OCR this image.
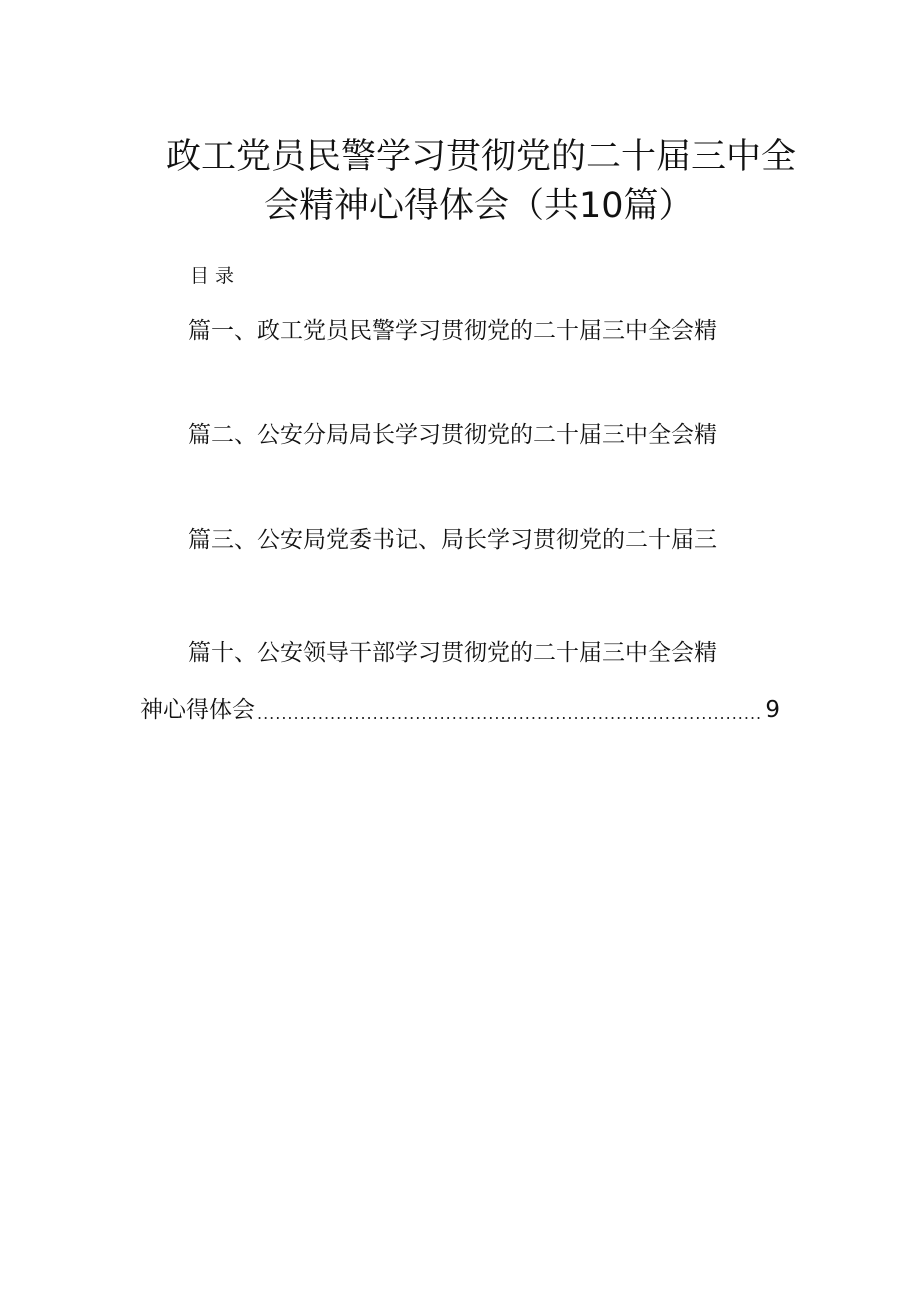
政工党员民警学习贯彻党的二十届三中全
会精神心得体会（共10篇）
目录
篇一、政工党员民警学习贯彻党的二十届三中全会精
篇二、公安分局局长学习贯彻党的二十届三中全会精
篇三、公安局党委书记、局长学习贯彻党的二十届三
篇十、公安领导干部学习贯彻党的二十届三中全会精
神心得体会
.....	9
